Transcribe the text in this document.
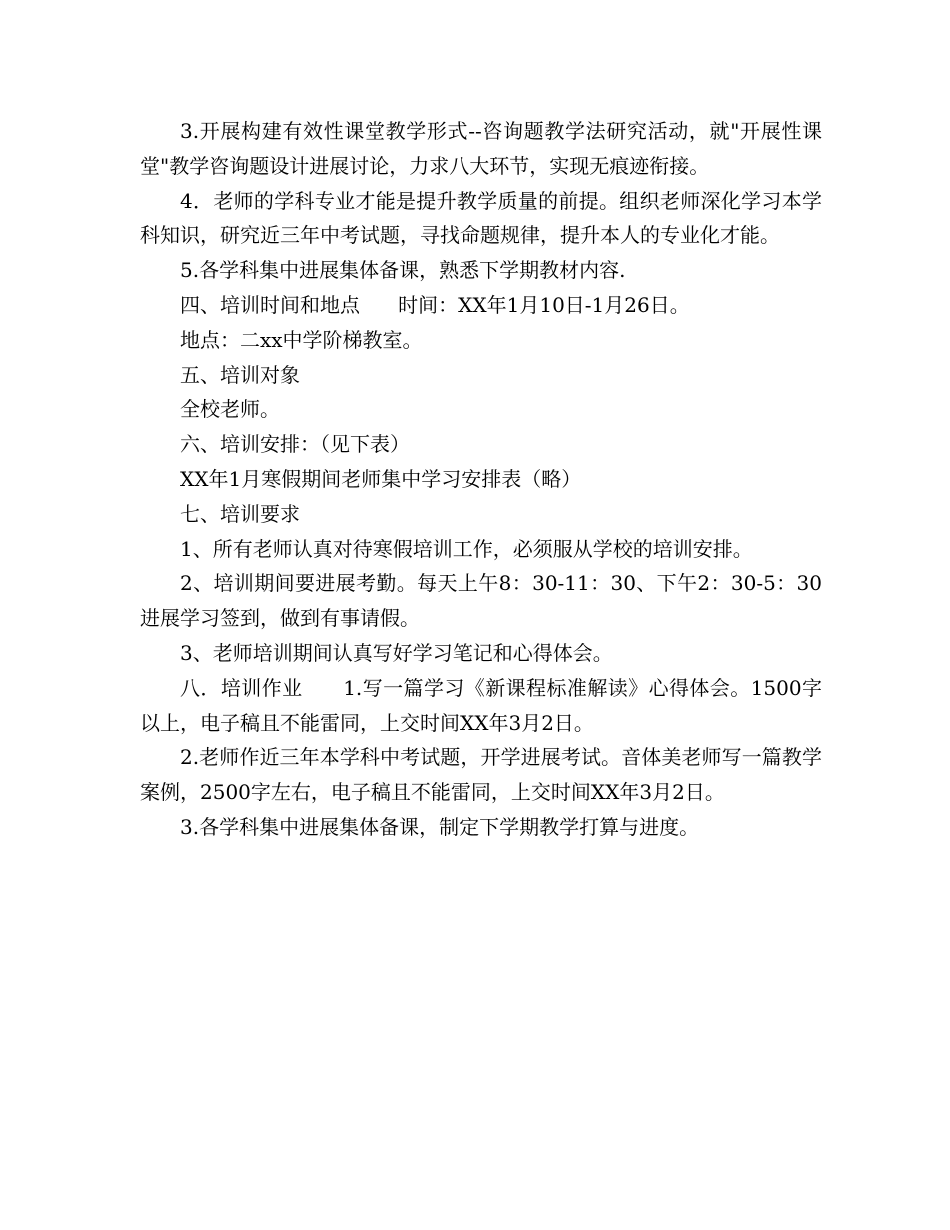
3.开展构建有效性课堂教学形式--咨询题教学法研究活动，就"开展性课堂"教学咨询题设计进展讨论，力求八大环节，实现无痕迹衔接。

4．老师的学科专业才能是提升教学质量的前提。组织老师深化学习本学科知识，研究近三年中考试题，寻找命题规律，提升本人的专业化才能。

5.各学科集中进展集体备课，熟悉下学期教材内容.

四、培训时间和地点      时间：XX年1月10日-1月26日。

地点：二xx中学阶梯教室。

五、培训对象

全校老师。

六、培训安排：（见下表）

XX年1月寒假期间老师集中学习安排表（略）

七、培训要求

1、所有老师认真对待寒假培训工作，必须服从学校的培训安排。

2、培训期间要进展考勤。每天上午8：30-11：30、下午2：30-5：30进展学习签到，做到有事请假。

3、老师培训期间认真写好学习笔记和心得体会。

八．培训作业      1.写一篇学习《新课程标准解读》心得体会。1500字以上，电子稿且不能雷同，上交时间XX年3月2日。

2.老师作近三年本学科中考试题，开学进展考试。音体美老师写一篇教学案例，2500字左右，电子稿且不能雷同，上交时间XX年3月2日。

3.各学科集中进展集体备课，制定下学期教学打算与进度。
